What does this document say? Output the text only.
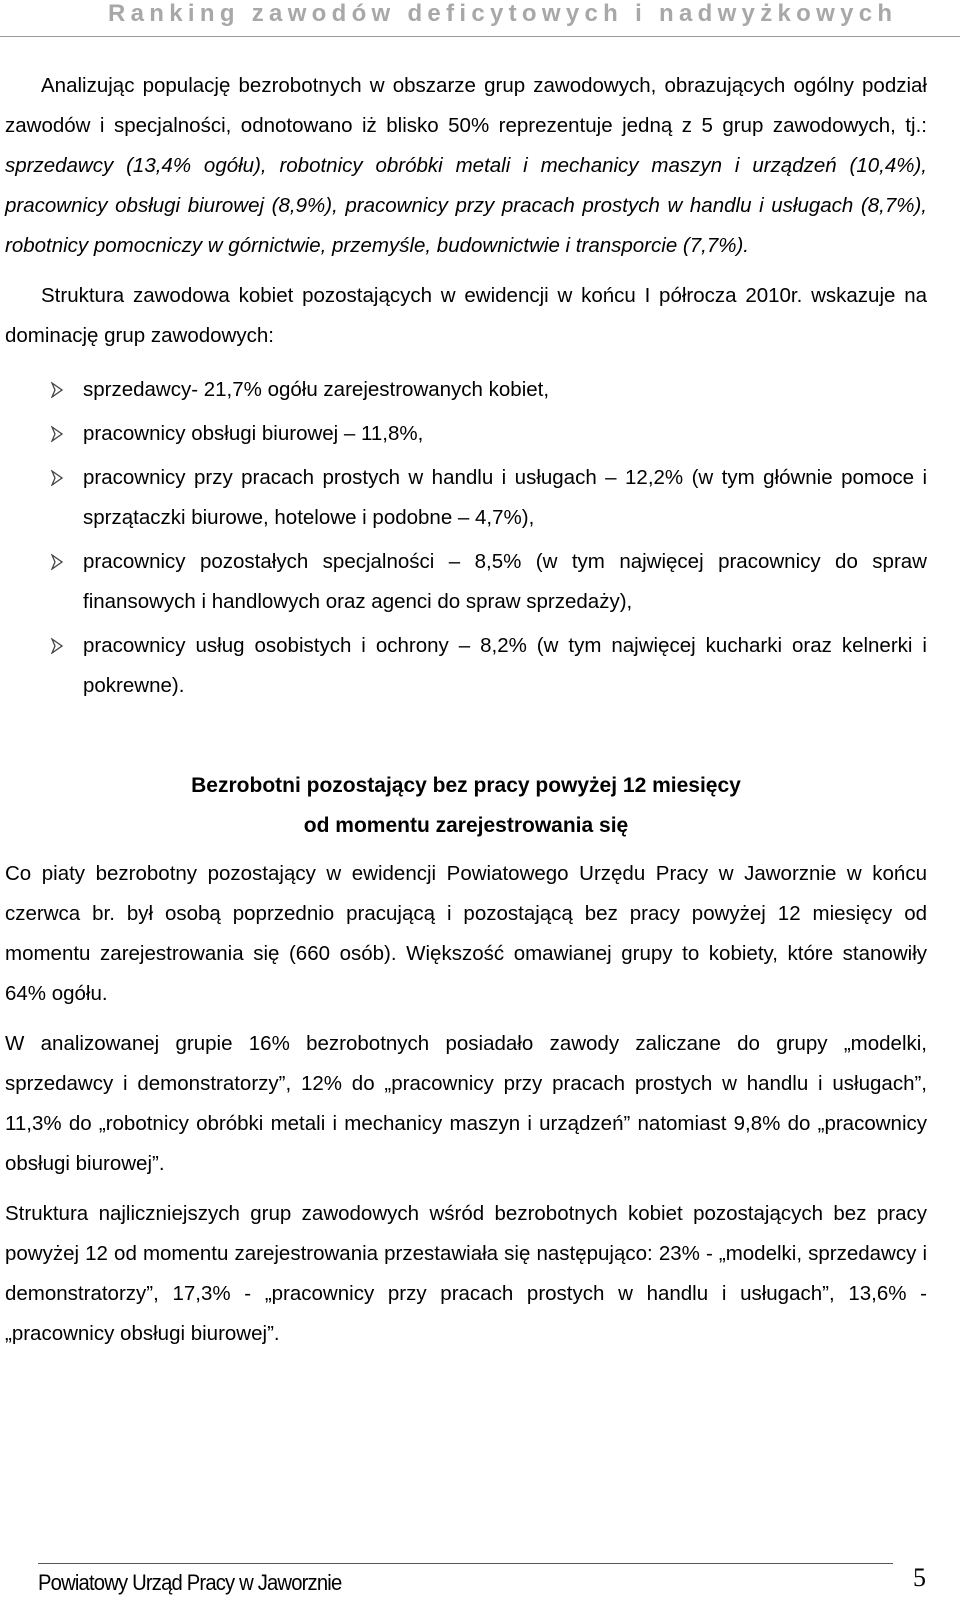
Ranking zawodów deficytowych i nadwyżkowych

Analizując populację bezrobotnych w obszarze grup zawodowych, obrazujących ogólny podział zawodów i specjalności, odnotowano iż blisko 50% reprezentuje jedną z 5 grup zawodowych, tj.: sprzedawcy (13,4% ogółu), robotnicy obróbki metali i mechanicy maszyn i urządzeń (10,4%), pracownicy obsługi biurowej (8,9%), pracownicy przy pracach prostych w handlu i usługach (8,7%), robotnicy pomocniczy w górnictwie, przemyśle, budownictwie i transporcie (7,7%).

Struktura zawodowa kobiet pozostających w ewidencji w końcu I półrocza 2010r. wskazuje na dominację grup zawodowych:

sprzedawcy- 21,7% ogółu zarejestrowanych kobiet,
pracownicy obsługi biurowej – 11,8%,
pracownicy przy pracach prostych w handlu i usługach – 12,2% (w tym głównie pomoce i sprzątaczki biurowe, hotelowe i podobne – 4,7%),
pracownicy pozostałych specjalności – 8,5% (w tym najwięcej pracownicy do spraw finansowych i handlowych oraz agenci do spraw sprzedaży),
pracownicy usług osobistych i ochrony – 8,2% (w tym najwięcej kucharki oraz kelnerki i pokrewne).

Bezrobotni pozostający bez pracy powyżej 12 miesięcy

od momentu zarejestrowania się

Co piaty bezrobotny pozostający w ewidencji Powiatowego Urzędu Pracy w Jaworznie w końcu czerwca br. był osobą poprzednio pracującą i pozostającą bez pracy powyżej 12 miesięcy od momentu zarejestrowania się (660 osób). Większość omawianej grupy to kobiety, które stanowiły 64% ogółu.

W analizowanej grupie 16% bezrobotnych posiadało zawody zaliczane do grupy „modelki, sprzedawcy i demonstratorzy”, 12% do „pracownicy przy pracach prostych w handlu i usługach”, 11,3% do „robotnicy obróbki metali i mechanicy maszyn i urządzeń” natomiast 9,8% do „pracownicy obsługi biurowej”.

Struktura najliczniejszych grup zawodowych wśród bezrobotnych kobiet pozostających bez pracy powyżej 12 od momentu zarejestrowania przestawiała się następująco: 23% - „modelki, sprzedawcy i demonstratorzy”, 17,3% - „pracownicy przy pracach prostych w handlu i usługach”, 13,6% - „pracownicy obsługi biurowej”.

Powiatowy Urząd Pracy w Jaworznie	5
